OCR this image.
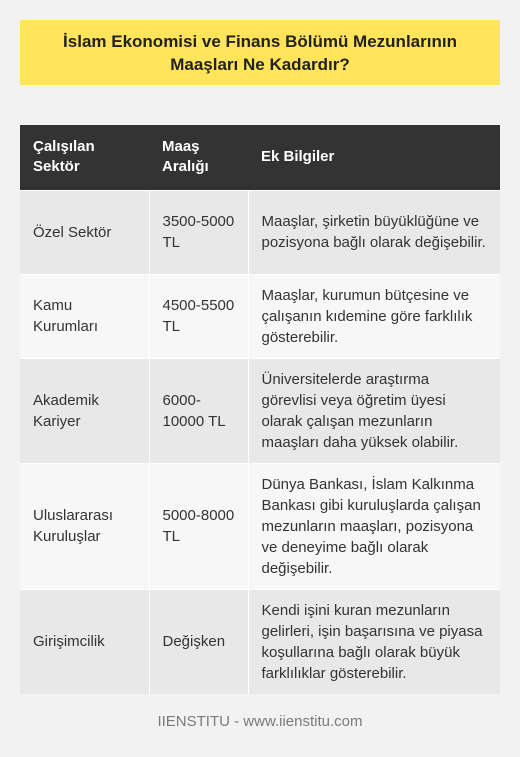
İslam Ekonomisi ve Finans Bölümü Mezunlarının Maaşları Ne Kadardır?
Çalışılan Sektör	Maaş Aralığı	Ek Bilgiler
Özel Sektör	3500-5000 TL	Maaşlar, şirketin büyüklüğüne ve pozisyona bağlı olarak değişebilir.
Kamu Kurumları	4500-5500 TL	Maaşlar, kurumun bütçesine ve çalışanın kıdemine göre farklılık gösterebilir.
Akademik Kariyer	6000-10000 TL	Üniversitelerde araştırma görevlisi veya öğretim üyesi olarak çalışan mezunların maaşları daha yüksek olabilir.
Uluslararası Kuruluşlar	5000-8000 TL	Dünya Bankası, İslam Kalkınma Bankası gibi kuruluşlarda çalışan mezunların maaşları, pozisyona ve deneyime bağlı olarak değişebilir.
Girişimcilik	Değişken	Kendi işini kuran mezunların gelirleri, işin başarısına ve piyasa koşullarına bağlı olarak büyük farklılıklar gösterebilir.
IIENSTITU - www.iienstitu.com
